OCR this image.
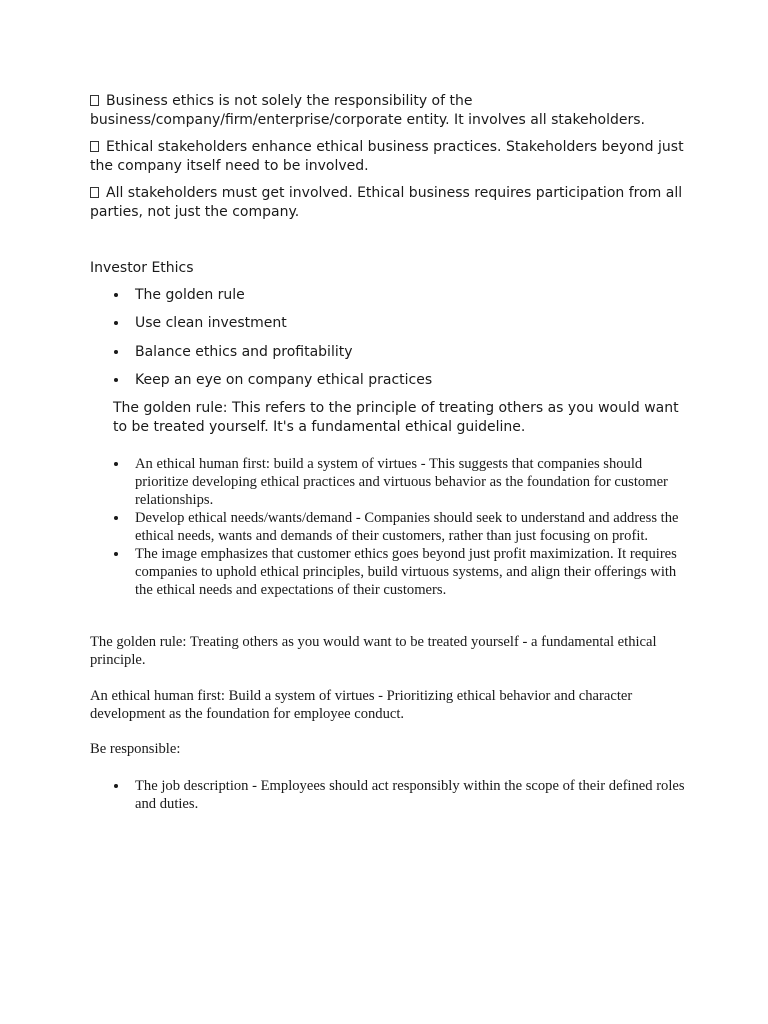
Business ethics is not solely the responsibility of the business/company/firm/enterprise/corporate entity. It involves all stakeholders.

Ethical stakeholders enhance ethical business practices. Stakeholders beyond just the company itself need to be involved.

All stakeholders must get involved. Ethical business requires participation from all parties, not just the company.

Investor Ethics
The golden rule
Use clean investment
Balance ethics and profitability
Keep an eye on company ethical practices

The golden rule: This refers to the principle of treating others as you would want to be treated yourself. It's a fundamental ethical guideline.

An ethical human first: build a system of virtues - This suggests that companies should prioritize developing ethical practices and virtuous behavior as the foundation for customer relationships.
Develop ethical needs/wants/demand - Companies should seek to understand and address the ethical needs, wants and demands of their customers, rather than just focusing on profit.
The image emphasizes that customer ethics goes beyond just profit maximization. It requires companies to uphold ethical principles, build virtuous systems, and align their offerings with the ethical needs and expectations of their customers.

The golden rule: Treating others as you would want to be treated yourself - a fundamental ethical principle.

An ethical human first: Build a system of virtues - Prioritizing ethical behavior and character development as the foundation for employee conduct.

Be responsible:

The job description - Employees should act responsibly within the scope of their defined roles and duties.
